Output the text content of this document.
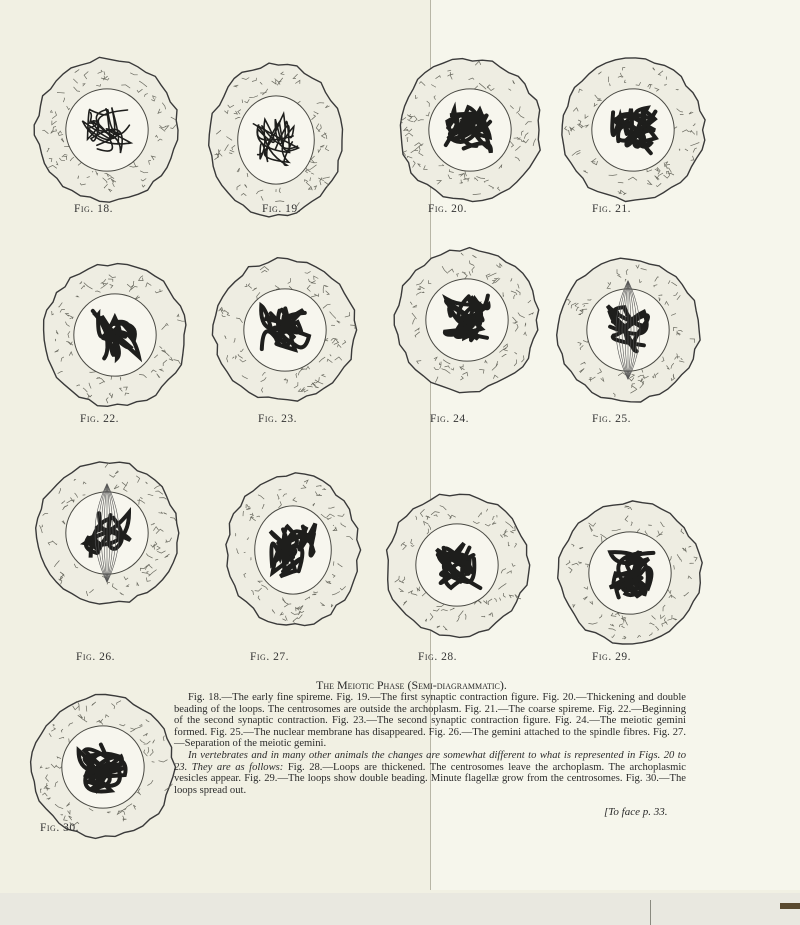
Fig. 18.	Fig. 19.	Fig. 20.	Fig. 21.
Fig. 22.	Fig. 23.	Fig. 24.	Fig. 25.
Fig. 26.	Fig. 27.	Fig. 28.	Fig. 29.
Fig. 30.
The Meiotic Phase (Semi-diagrammatic).

Fig. 18.—The early fine spireme. Fig. 19.—The first synaptic contraction figure. Fig. 20.—Thickening and double beading of the loops. The centrosomes are outside the archoplasm. Fig. 21.—The coarse spireme. Fig. 22.—Beginning of the second synaptic contraction. Fig. 23.—The second synaptic contraction figure. Fig. 24.—The meiotic gemini formed. Fig. 25.—The nuclear membrane has disappeared. Fig. 26.—The gemini attached to the spindle fibres. Fig. 27.—Separation of the meiotic gemini.

In vertebrates and in many other animals the changes are somewhat different to what is represented in Figs. 20 to 23. They are as follows: Fig. 28.—Loops are thickened. The centrosomes leave the archoplasm. The archoplasmic vesicles appear. Fig. 29.—The loops show double beading. Minute flagellæ grow from the centrosomes. Fig. 30.—The loops spread out.

[To face p. 33.
